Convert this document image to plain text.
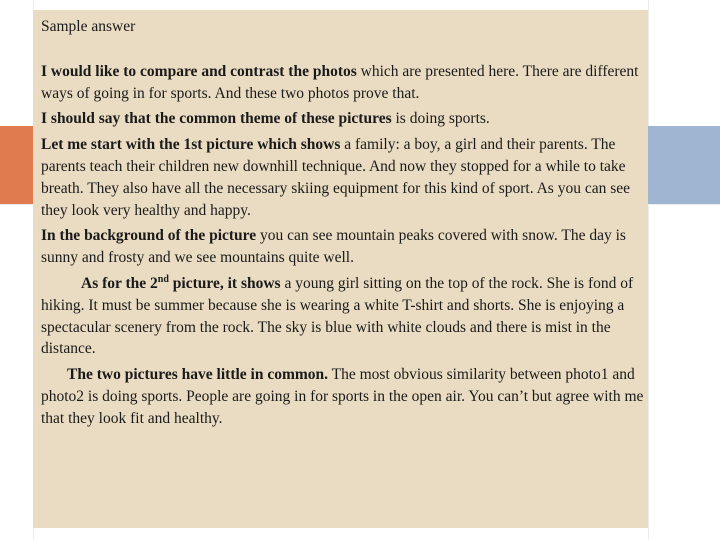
Sample answer

I would like to compare and contrast the photos which are presented here. There are different ways of going in for sports. And these two photos prove that.

I should say that the common theme of these pictures is doing sports.

Let me start with the 1st picture which shows a family: a boy, a girl and their parents. The parents teach their children new downhill technique. And now they stopped for a while to take breath. They also have all the necessary skiing equipment for this kind of sport. As you can see they look very healthy and happy.

In the background of the picture you can see mountain peaks covered with snow. The day is sunny and frosty and we see mountains quite well.

As for the 2nd picture, it shows a young girl sitting on the top of the rock. She is fond of hiking. It must be summer because she is wearing a white T-shirt and shorts. She is enjoying a spectacular scenery from the rock. The sky is blue with white clouds and there is mist in the distance.

The two pictures have little in common. The most obvious similarity between photo1 and photo2 is doing sports. People are going in for sports in the open air. You can’t but agree with me that they look fit and healthy.
